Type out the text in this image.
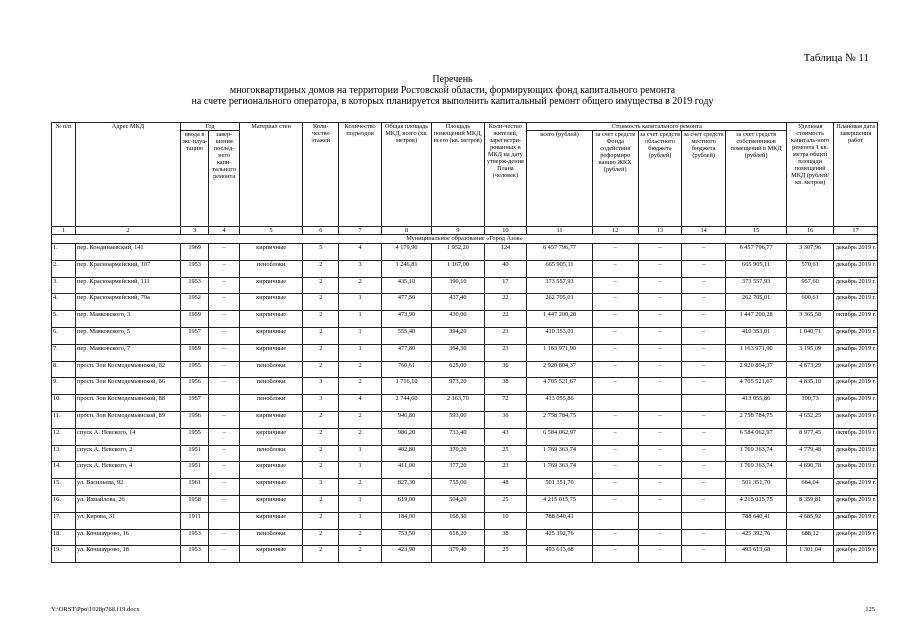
Таблица № 11
Перечень
многоквартирных домов на территории Ростовской области, формирующих фонд капитального ремонта
на счете регионального оператора, в которых планируется выполнить капитальный ремонт общего имущества в 2019 году
№ п/п	Адрес МКД	Год		Материал стен	Коли-чество этажей	Количество подъездов	Общая площадь МКД, всего (кв. метров)	Площадь помещений МКД, всего (кв. метров)	Коли-чество жителей, зарегистри-рованных в МКД на дату утверж-дения Плана (человек)	Стоимость капитального ремонта					Удельная стоимость капиталь-ного ремонта 1 кв. метра общей площади помещений МКД (рублей/ кв. метров)	Плановая дата завершения работ
		ввода в экс-плуа-тацию	завер-шения послед-него капи-тального ремонта							всего (рублей)	за счет средств Фонда содействия реформиро ванию ЖКХ (рублей)	за счет средств областного бюджета (рублей)	за счет средств местного бюджета (рублей)	за счет средств собственников помещений в МКД (рублей)		
1	2	3	4	5	6	7	8	9	10	11	12	13	14	15	16	17
Муниципальное образование «Город Азов»																
1.	пер. Кондинаевский, 141	1969	–	кирпичные	5	4	4 179,90	1 952,20	124	6 457 796,77	–	–	–	6 457 796,77	3 307,96	декабрь 2019 г.
2.	пер. Красноармейский, 107	1953	–	пеноблоки	2	3	1 246,81	1 167,00	40	665 905,11	–	–	–	665 905,11	570,61	декабрь 2019 г.
3.	пер. Красноармейский, 111	1953	–	кирпичные	2	2	435,10	390,10	17	373 557,93	–	–	–	373 557,93	957,60	декабрь 2019 г.
4.	пер. Красноармейский, 79а	1952	–	кирпичные	2	1	477,50	437,40	22	262 705,01	–	–	–	262 705,01	600,61	декабрь 2019 г.
5.	пер. Маяковского, 3	1959	–	кирпичные	2	1	473,90	430,00	22	1 447 200,28	–	–	–	1 447 200,28	3 365,58	октябрь 2019 г.
6.	пер. Маяковского, 5	1957	–	кирпичные	2	1	555,40	394,20	23	410 353,01	–	–	–	410 353,01	1 040,71	декабрь 2019 г.
7.	пер. Маяковского, 7	1959	–	кирпичные	2	1	477,80	364,30	23	1 163 971,90	–	–	–	1 163 971,90	3 195,09	декабрь 2019 г.
8.	просп. Зои Космодемьянской, 82	1955	–	пеноблоки	2	2	760,61	625,00	36	2 920 804,37	–	–	–	2 920 804,37	4 673,29	декабрь 2019 г.
9.	просп. Зои Космодемьянской, 86	1956	–	пеноблоки	3	2	1 716,10	973,20	38	4 705 521,67	–	–	–	4 705 521,67	4 835,10	декабрь 2019 г.
10.	просп. Зои Космодемьянской, 88	1957		пеноблоки	3	4	2 744,60	2 163,70	72	413 055,86				413 055,86	190,73	декабрь 2019 г.
11.	просп. Зои Космодемьянской, 89	1956	–	кирпичные	2	2	946,80	593,00	36	2 758 784,75	–	–	–	2 758 784,75	4 652,25	декабрь 2019 г.
12.	спуск А. Невского, 14	1955	–	кирпичные	2	2	986,20	733,40	43	6 584 062,97	–	–	–	6 584 062,97	8 977,45	октябрь 2019 г.
13.	спуск А. Невского, 2	1951	–	пеноблоки	2	1	402,80	370,20	25	1 769 363,74	–	–	–	1 769 363,74	4 779,48	декабрь 2019 г.
14.	спуск А. Невского, 4	1951	–	кирпичные	2	1	411,00	377,20	23	1 769 363,74	–	–	–	1 769 363,74	4 690,78	декабрь 2019 г.
15.	ул. Васильева, 92	1961	–	кирпичные	3	2	827,30	755,00	48	501 351,70	–	–	–	501 351,70	664,04	декабрь 2019 г.
16.	ул. Измайлова, 26	1958	–	кирпичные	2	1	619,00	504,20	25	4 215 015,75	–	–	–	4 215 015,75	8 359,81	декабрь 2019 г.
17.	ул. Кирова, 31	1911		кирпичные	2	1	184,00	168,30	10	788 640,41				788 640,41	4 685,92	декабрь 2019 г.
18.	ул. Коншаурово, 16	1953	–	пеноблоки	2	2	753,50	618,20	38	425 392,76	–	–	–	425 392,76	688,12	декабрь 2019 г.
19.	ул. Коншаурово, 18	1953	–	кирпичные	2	2	423,90	379,40	25	493 613,68	–	–	–	493 613,68	1 301,04	декабрь 2019 г.
Y:\ORST\Ppo\1028p768.f19.docx	125
